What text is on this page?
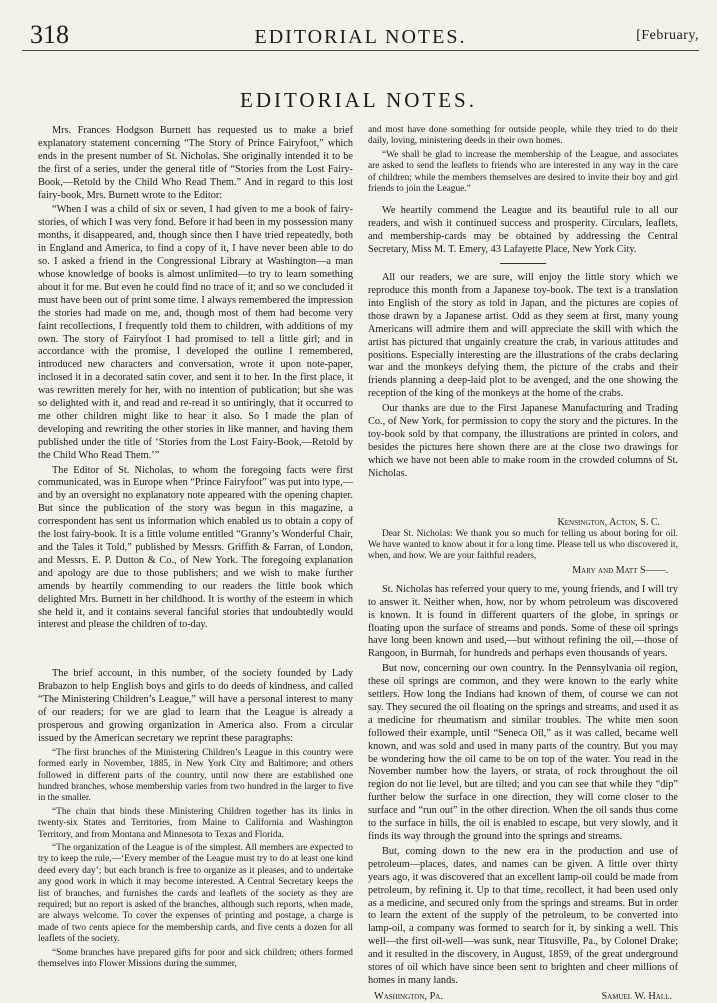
318	EDITORIAL NOTES.	[February,
EDITORIAL NOTES.

Mrs. Frances Hodgson Burnett has requested us to make a brief explanatory statement concerning “The Story of Prince Fairyfoot,” which ends in the present number of St. Nicholas. She originally intended it to be the first of a series, under the general title of “Stories from the Lost Fairy-Book,—Retold by the Child Who Read Them.” And in regard to this lost fairy-book, Mrs. Burnett wrote to the Editor:

“When I was a child of six or seven, I had given to me a book of fairy-stories, of which I was very fond. Before it had been in my possession many months, it disappeared, and, though since then I have tried repeatedly, both in England and America, to find a copy of it, I have never been able to do so. I asked a friend in the Congressional Library at Washington—a man whose knowledge of books is almost unlimited—to try to learn something about it for me. But even he could find no trace of it; and so we concluded it must have been out of print some time. I always remembered the impression the stories had made on me, and, though most of them had become very faint recollections, I frequently told them to children, with additions of my own. The story of Fairyfoot I had promised to tell a little girl; and in accordance with the promise, I developed the outline I remembered, introduced new characters and conversation, wrote it upon note-paper, inclosed it in a decorated satin cover, and sent it to her. In the first place, it was rewritten merely for her, with no intention of publication; but she was so delighted with it, and read and re-read it so untiringly, that it occurred to me other children might like to hear it also. So I made the plan of developing and rewriting the other stories in like manner, and having them published under the title of ‘Stories from the Lost Fairy-Book,—Retold by the Child Who Read Them.’”

The Editor of St. Nicholas, to whom the foregoing facts were first communicated, was in Europe when “Prince Fairyfoot” was put into type,—and by an oversight no explanatory note appeared with the opening chapter. But since the publication of the story was begun in this magazine, a correspondent has sent us information which enabled us to obtain a copy of the lost fairy-book. It is a little volume entitled “Granny’s Wonderful Chair, and the Tales it Told,” published by Messrs. Griffith & Farran, of London, and Messrs. E. P. Dutton & Co., of New York. The foregoing explanation and apology are due to those publishers; and we wish to make further amends by heartily commending to our readers the little book which delighted Mrs. Burnett in her childhood. It is worthy of the esteem in which she held it, and it contains several fanciful stories that undoubtedly would interest and please the children of to-day.

The brief account, in this number, of the society founded by Lady Brabazon to help English boys and girls to do deeds of kindness, and called “The Ministering Children’s League,” will have a personal interest to many of our readers; for we are glad to learn that the League is already a prosperous and growing organization in America also. From a circular issued by the American secretary we reprint these paragraphs:

“The first branches of the Ministering Children’s League in this country were formed early in November, 1885, in New York City and Baltimore; and others followed in different parts of the country, until now there are established one hundred branches, whose membership varies from two hundred in the larger to five in the smaller.

“The chain that binds these Ministering Children together has its links in twenty-six States and Territories, from Maine to California and Washington Territory, and from Montana and Minnesota to Texas and Florida.

“The organization of the League is of the simplest. All members are expected to try to keep the rule,—‘Every member of the League must try to do at least one kind deed every day’; but each branch is free to organize as it pleases, and to undertake any good work in which it may become interested. A Central Secretary keeps the list of branches, and furnishes the cards and leaflets of the society as they are required; but no report is asked of the branches, although such reports, when made, are always welcome. To cover the expenses of printing and postage, a charge is made of two cents apiece for the membership cards, and five cents a dozen for all leaflets of the society.

“Some branches have prepared gifts for poor and sick children; others formed themselves into Flower Missions during the summer,

and most have done something for outside people, while they tried to do their daily, loving, ministering deeds in their own homes.

“We shall be glad to increase the membership of the League, and associates are asked to send the leaflets to friends who are interested in any way in the care of children; while the members themselves are desired to invite their boy and girl friends to join the League.”

We heartily commend the League and its beautiful rule to all our readers, and wish it continued success and prosperity. Circulars, leaflets, and membership-cards may be obtained by addressing the Central Secretary, Miss M. T. Emery, 43 Lafayette Place, New York City.

All our readers, we are sure, will enjoy the little story which we reproduce this month from a Japanese toy-book. The text is a translation into English of the story as told in Japan, and the pictures are copies of those drawn by a Japanese artist. Odd as they seem at first, many young Americans will admire them and will appreciate the skill with which the artist has pictured that ungainly creature the crab, in various attitudes and positions. Especially interesting are the illustrations of the crabs declaring war and the monkeys defying them, the picture of the crabs and their friends planning a deep-laid plot to be avenged, and the one showing the reception of the king of the monkeys at the home of the crabs.

Our thanks are due to the First Japanese Manufacturing and Trading Co., of New York, for permission to copy the story and the pictures. In the toy-book sold by that company, the illustrations are printed in colors, and besides the pictures here shown there are at the close two drawings for which we have not been able to make room in the crowded columns of St. Nicholas.

Kensington, Acton, S. C.

Dear St. Nicholas: We thank you so much for telling us about boring for oil. We have wanted to know about it for a long time. Please tell us who discovered it, when, and how. We are your faithful readers,

Mary and Matt S——.

St. Nicholas has referred your query to me, young friends, and I will try to answer it. Neither when, how, nor by whom petroleum was discovered is known. It is found in different quarters of the globe, in springs or floating upon the surface of streams and ponds. Some of these oil springs have long been known and used,—but without refining the oil,—those of Rangoon, in Burmah, for hundreds and perhaps even thousands of years.

But now, concerning our own country. In the Pennsylvania oil region, these oil springs are common, and they were known to the early white settlers. How long the Indians had known of them, of course we can not say. They secured the oil floating on the springs and streams, and used it as a medicine for rheumatism and similar troubles. The white men soon followed their example, until “Seneca Oil,” as it was called, became well known, and was sold and used in many parts of the country. But you may be wondering how the oil came to be on top of the water. You read in the November number how the layers, or strata, of rock throughout the oil region do not lie level, but are tilted; and you can see that while they “dip” further below the surface in one direction, they will come closer to the surface and “run out” in the other direction. When the oil sands thus come to the surface in hills, the oil is enabled to escape, but very slowly, and it finds its way through the ground into the springs and streams.

But, coming down to the new era in the production and use of petroleum—places, dates, and names can be given. A little over thirty years ago, it was discovered that an excellent lamp-oil could be made from petroleum, by refining it. Up to that time, recollect, it had been used only as a medicine, and secured only from the springs and streams. But in order to learn the extent of the supply of the petroleum, to be converted into lamp-oil, a company was formed to search for it, by sinking a well. This well—the first oil-well—was sunk, near Titusville, Pa., by Colonel Drake; and it resulted in the discovery, in August, 1859, of the great underground stores of oil which have since been sent to brighten and cheer millions of homes in many lands.

Washington, Pa.	Samuel W. Hall.
